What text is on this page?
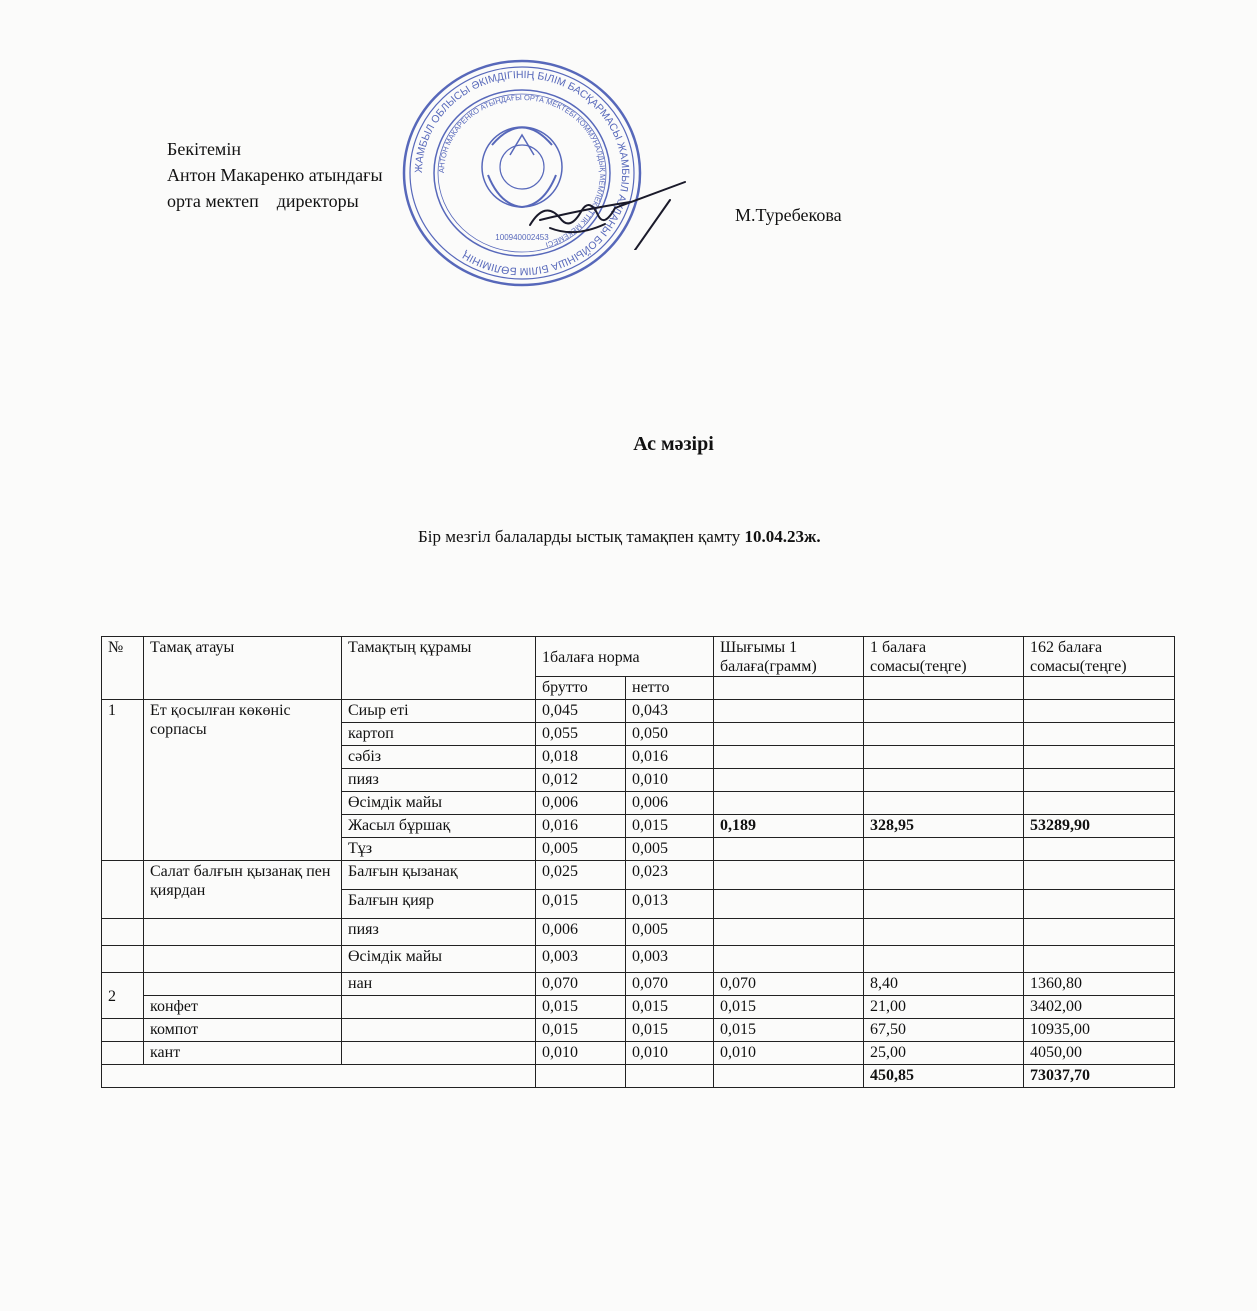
Бекітемін
Антон Макаренко атындағы
орта мектеп    директоры
ЖАМБЫЛ ОБЛЫСЫ ӘКІМДІГІНІҢ БІЛІМ БАСҚАРМАСЫ ЖАМБЫЛ АУДАНЫ БОЙЫНША БІЛІМ БӨЛІМІНІҢ
АНТОН МАКАРЕНКО АТЫНДАҒЫ ОРТА МЕКТЕБІ КОММУНАЛДЫҚ МЕМЛЕКЕТТІК МЕКЕМЕСІ
100940002453
М.Туребекова
Ас мәзірі
Бір мезгіл балаларды ыстық тамақпен қамту 10.04.23ж.
№	Тамақ атауы	Тамақтың құрамы	1балаға норма		Шығымы 1 балаға(грамм)	1 балаға сомасы(теңге)	162 балаға сомасы(теңге)
			брутто	нетто			
1	Ет қосылған көкөніс сорпасы	Сиыр еті	0,045	0,043			
		картоп	0,055	0,050			
		сәбіз	0,018	0,016			
		пияз	0,012	0,010			
		Өсімдік майы	0,006	0,006			
		Жасыл бұршақ	0,016	0,015	0,189	328,95	53289,90
		Тұз	0,005	0,005			
	Салат балғын қызанақ пен қиярдан	Балғын қызанақ	0,025	0,023			
		Балғын қияр	0,015	0,013			
		пияз	0,006	0,005			
		Өсімдік майы	0,003	0,003			
2		нан	0,070	0,070	0,070	8,40	1360,80
	конфет		0,015	0,015	0,015	21,00	3402,00
	компот		0,015	0,015	0,015	67,50	10935,00
	кант		0,010	0,010	0,010	25,00	4050,00
						450,85	73037,70
